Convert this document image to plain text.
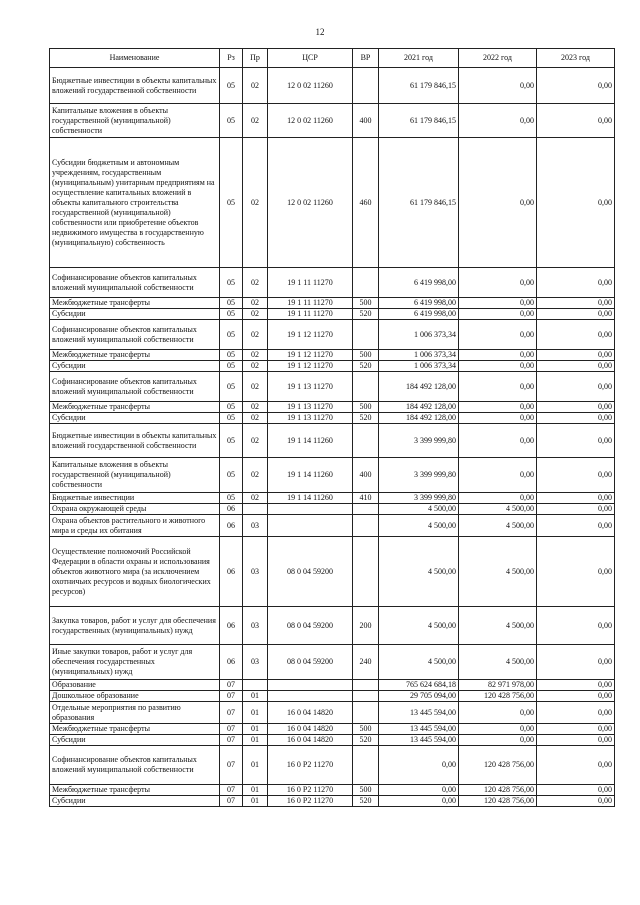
12
Наименование	Рз	Пр	ЦСР	ВР	2021 год	2022 год	2023 год
Бюджетные инвестиции в объекты капитальных вложений государственной собственности	05	02	12 0 02 11260		61 179 846,15	0,00	0,00
Капитальные вложения в объекты государственной (муниципальной) собственности	05	02	12 0 02 11260	400	61 179 846,15	0,00	0,00
Субсидии бюджетным и автономным учреждениям, государственным (муниципальным) унитарным предприятиям на осуществление капитальных вложений в объекты капитального строительства государственной (муниципальной) собственности или приобретение объектов недвижимого имущества в государственную (муниципальную) собственность	05	02	12 0 02 11260	460	61 179 846,15	0,00	0,00
Софинансирование объектов капитальных вложений муниципальной собственности	05	02	19 1 11 11270		6 419 998,00	0,00	0,00
Межбюджетные трансферты	05	02	19 1 11 11270	500	6 419 998,00	0,00	0,00
Субсидии	05	02	19 1 11 11270	520	6 419 998,00	0,00	0,00
Софинансирование объектов капитальных вложений муниципальной собственности	05	02	19 1 12 11270		1 006 373,34	0,00	0,00
Межбюджетные трансферты	05	02	19 1 12 11270	500	1 006 373,34	0,00	0,00
Субсидии	05	02	19 1 12 11270	520	1 006 373,34	0,00	0,00
Софинансирование объектов капитальных вложений муниципальной собственности	05	02	19 1 13 11270		184 492 128,00	0,00	0,00
Межбюджетные трансферты	05	02	19 1 13 11270	500	184 492 128,00	0,00	0,00
Субсидии	05	02	19 1 13 11270	520	184 492 128,00	0,00	0,00
Бюджетные инвестиции в объекты капитальных вложений государственной собственности	05	02	19 1 14 11260		3 399 999,80	0,00	0,00
Капитальные вложения в объекты государственной (муниципальной) собственности	05	02	19 1 14 11260	400	3 399 999,80	0,00	0,00
Бюджетные инвестиции	05	02	19 1 14 11260	410	3 399 999,80	0,00	0,00
Охрана окружающей среды	06				4 500,00	4 500,00	0,00
Охрана объектов растительного и животного мира и среды их обитания	06	03			4 500,00	4 500,00	0,00
Осуществление полномочий Российской Федерации в области охраны и использования объектов животного мира (за исключением охотничьих ресурсов и водных биологических ресурсов)	06	03	08 0 04 59200		4 500,00	4 500,00	0,00
Закупка товаров, работ и услуг для обеспечения государственных (муниципальных) нужд	06	03	08 0 04 59200	200	4 500,00	4 500,00	0,00
Иные закупки товаров, работ и услуг для обеспечения государственных (муниципальных) нужд	06	03	08 0 04 59200	240	4 500,00	4 500,00	0,00
Образование	07				765 624 684,18	82 971 978,00	0,00
Дошкольное образование	07	01			29 705 094,00	120 428 756,00	0,00
Отдельные мероприятия по развитию образования	07	01	16 0 04 14820		13 445 594,00	0,00	0,00
Межбюджетные трансферты	07	01	16 0 04 14820	500	13 445 594,00	0,00	0,00
Субсидии	07	01	16 0 04 14820	520	13 445 594,00	0,00	0,00
Софинансирование объектов капитальных вложений муниципальной собственности	07	01	16 0 P2 11270		0,00	120 428 756,00	0,00
Межбюджетные трансферты	07	01	16 0 P2 11270	500	0,00	120 428 756,00	0,00
Субсидии	07	01	16 0 P2 11270	520	0,00	120 428 756,00	0,00
